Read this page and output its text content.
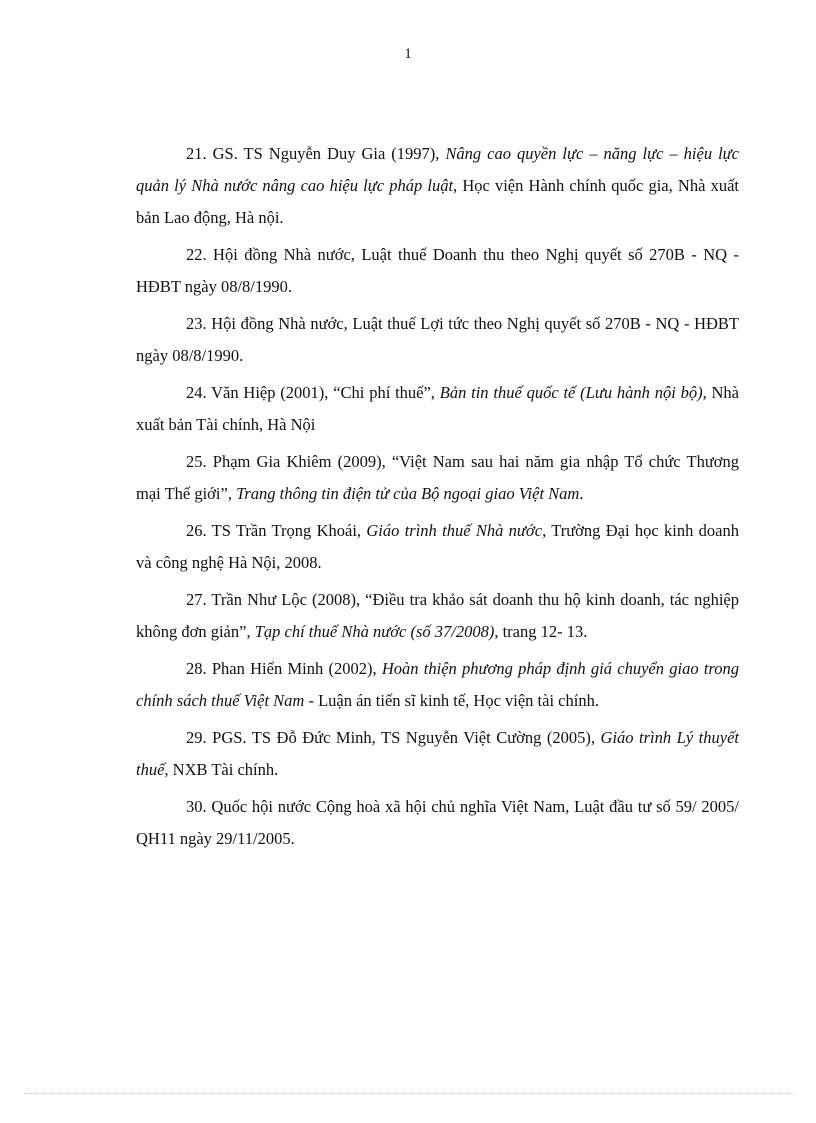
1

21. GS. TS Nguyễn Duy Gia (1997), Nâng cao quyền lực – năng lực – hiệu lực quản lý Nhà nước nâng cao hiệu lực pháp luật, Học viện Hành chính quốc gia, Nhà xuất bản Lao động, Hà nội.

22. Hội đồng Nhà nước, Luật thuế Doanh thu theo Nghị quyết số 270B - NQ - HĐBT ngày 08/8/1990.

23. Hội đồng Nhà nước, Luật thuế Lợi tức theo Nghị quyết số 270B - NQ - HĐBT ngày 08/8/1990.

24. Văn Hiệp (2001), “Chi phí thuế”, Bản tin thuế quốc tế (Lưu hành nội bộ), Nhà xuất bản Tài chính, Hà Nội

25. Phạm Gia Khiêm (2009), “Việt Nam sau hai năm gia nhập Tổ chức Thương mại Thế giới”, Trang thông tin điện tử của Bộ ngoại giao Việt Nam.

26. TS Trần Trọng Khoái, Giáo trình thuế Nhà nước, Trường Đại học kinh doanh và công nghệ Hà Nội, 2008.

27. Trần Như Lộc (2008), “Điều tra khảo sát doanh thu hộ kinh doanh, tác nghiệp không đơn giản”, Tạp chí thuế Nhà nước (số 37/2008), trang 12- 13.

28. Phan Hiển Minh (2002), Hoàn thiện phương pháp định giá chuyển giao trong chính sách thuế Việt Nam - Luận án tiến sĩ kinh tế, Học viện tài chính.

29. PGS. TS Đỗ Đức Minh, TS Nguyễn Việt Cường (2005), Giáo trình Lý thuyết thuế, NXB Tài chính.

30. Quốc hội nước Cộng hoà xã hội chủ nghĩa Việt Nam, Luật đầu tư số 59/ 2005/ QH11 ngày 29/11/2005.
